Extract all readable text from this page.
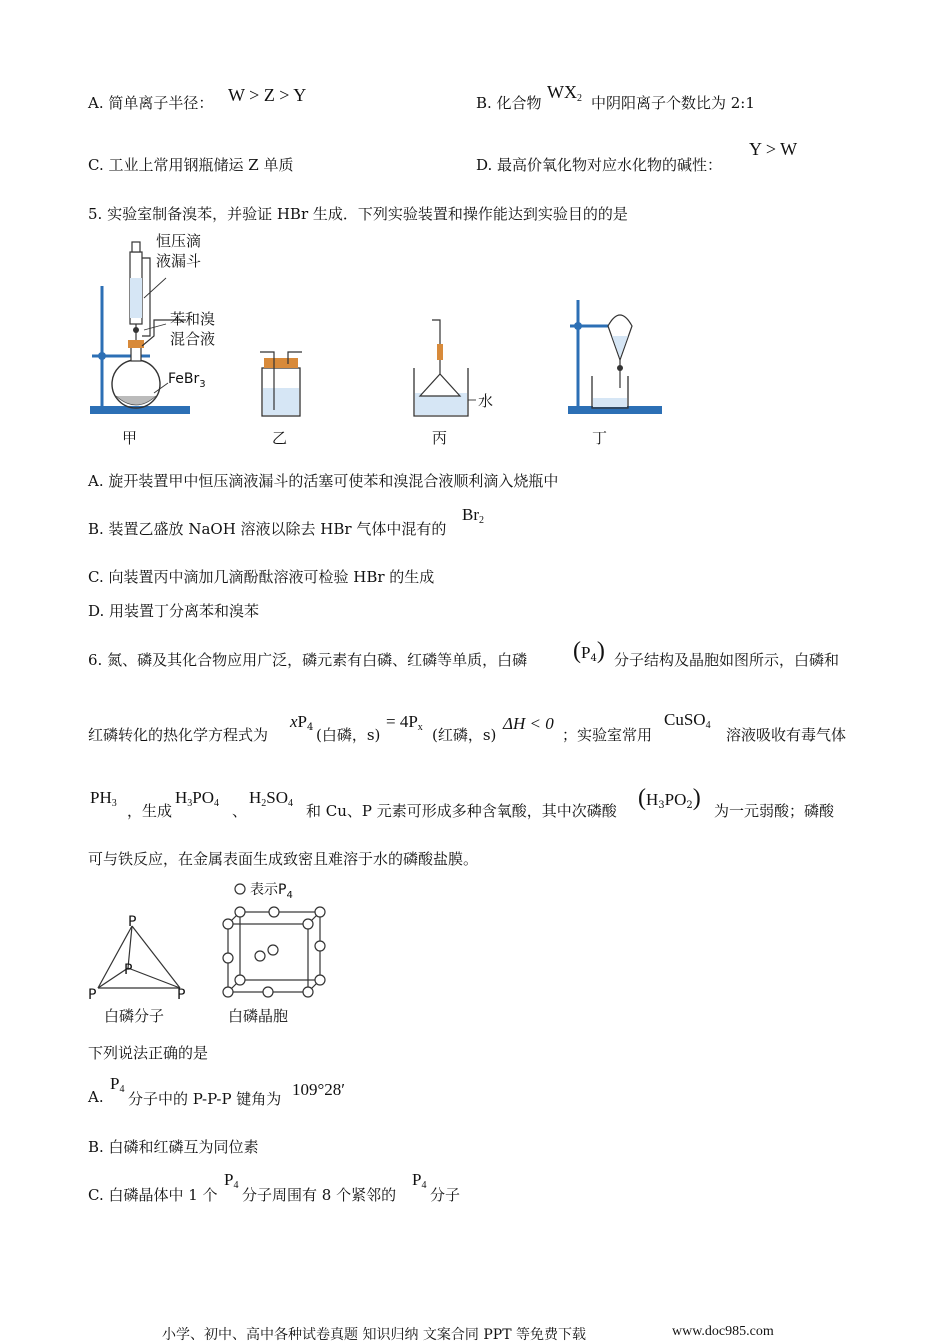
A. 简单离子半径： W > Z > Y	B. 化合物
$WX_2$ 中阴阳离子个数比为 2:1
C. 工业上常用钢瓶储运 Z 单质	D. 最高价氧化物对应水化物的碱性：
Y > W
5. 实验室制备溴苯，并验证 HBr 生成．下列实验装置和操作能达到实验目的的是
恒压滴
液漏斗
苯和溴
混合液
FeBr$_3$
甲	乙
水
丙	丁
A. 旋开装置甲中恒压滴液漏斗的活塞可使苯和溴混合液顺利滴入烧瓶中
B. 装置乙盛放 NaOH 溶液以除去 HBr 气体中混有的
$Br_2$
C. 向装置丙中滴加几滴酚酞溶液可检验 HBr 的生成
D. 用装置丁分离苯和溴苯
6. 氮、磷及其化合物应用广泛，磷元素有白磷、红磷等单质，白磷 $(P_4)$ 分子结构及晶胞如图所示，白磷和
红磷转化的热化学方程式为
$xP_4$ (白磷，s)
= $4P_x$ (红磷，s)
ΔH < 0
；实验室常用
CuSO$_4$
溶液吸收有毒气体
$PH_3$ ，生成
$H_3PO_4$ 、
$H_2SO_4$ 和 Cu、P 元素可形成多种含氧酸，其中次磷酸 $(H_3PO_2)$ 为一元弱酸；磷酸
可与铁反应，在金属表面生成致密且难溶于水的磷酸盐膜。
P
P
P	P
白磷分子
表示$P_4$
白磷晶胞
下列说法正确的是
A.
$P_4$
分子中的 P-P-P 键角为 109°28′
B. 白磷和红磷互为同位素
C. 白磷晶体中 1 个
$P_4$
分子周围有 8 个紧邻的
$P_4$
分子
小学、初中、高中各种试卷真题 知识归纳 文案合同 PPT 等免费下载	www.doc985.com
